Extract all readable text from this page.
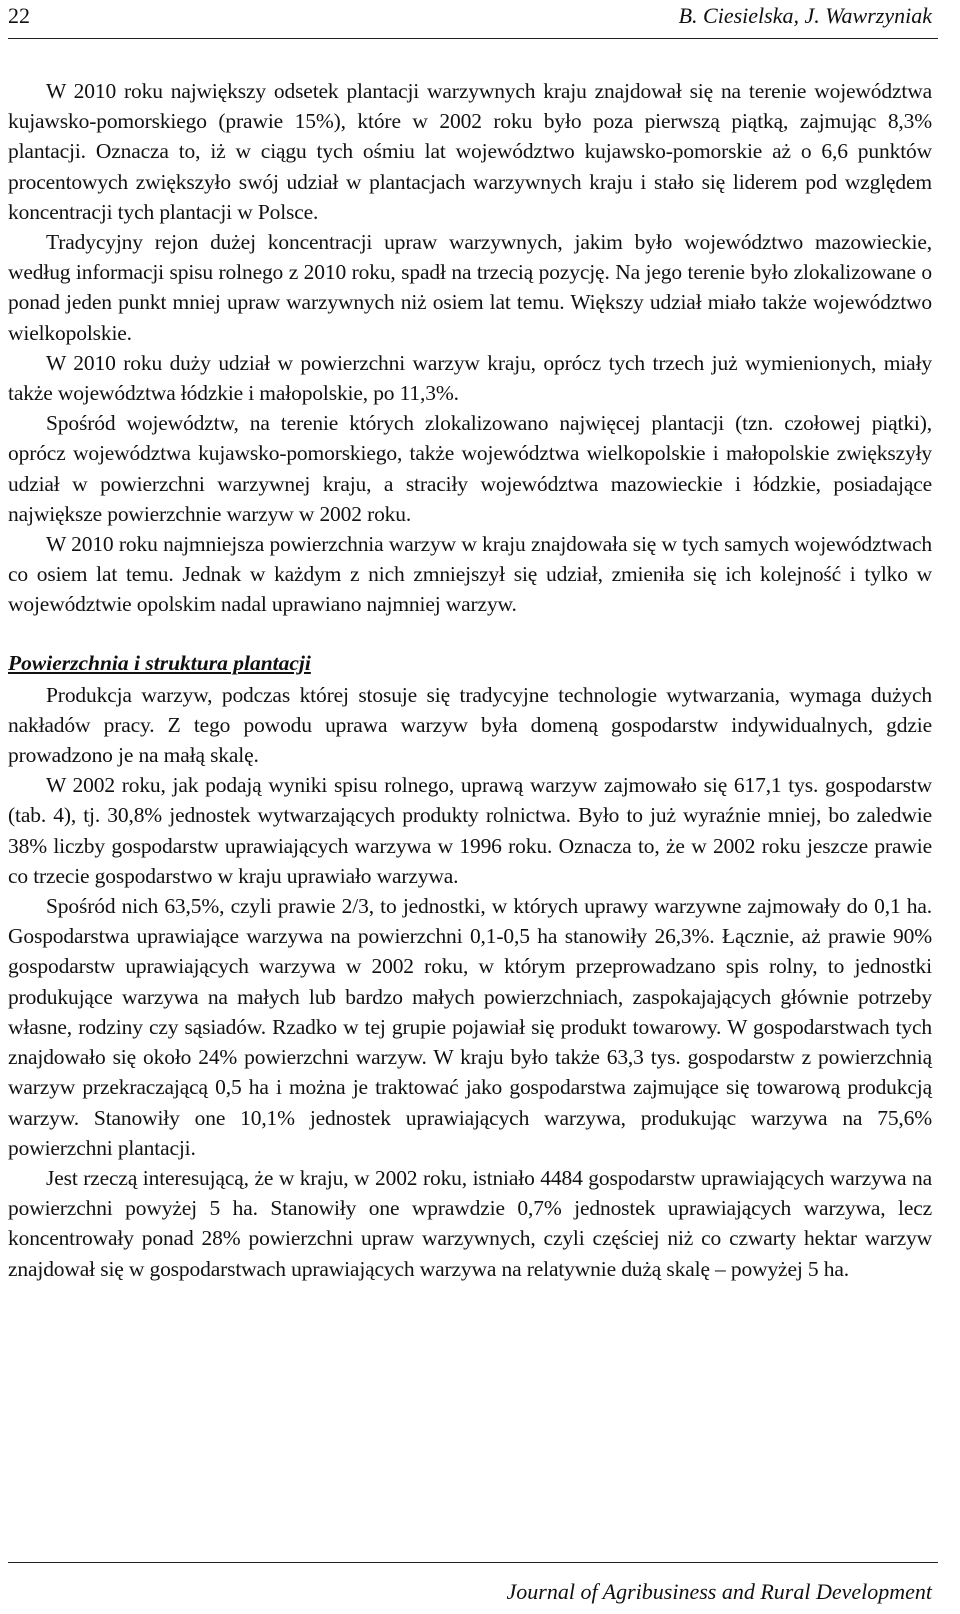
22	B. Ciesielska, J. Wawrzyniak

W 2010 roku największy odsetek plantacji warzywnych kraju znajdował się na terenie województwa kujawsko-pomorskiego (prawie 15%), które w 2002 roku było poza pierwszą piątką, zajmując 8,3% plantacji. Oznacza to, iż w ciągu tych ośmiu lat województwo kujawsko-pomorskie aż o 6,6 punktów procentowych zwiększyło swój udział w plantacjach warzywnych kraju i stało się liderem pod względem koncentracji tych plantacji w Polsce.

Tradycyjny rejon dużej koncentracji upraw warzywnych, jakim było województwo mazowieckie, według informacji spisu rolnego z 2010 roku, spadł na trzecią pozycję. Na jego terenie było zlokalizowane o ponad jeden punkt mniej upraw warzywnych niż osiem lat temu. Większy udział miało także województwo wielkopolskie.

W 2010 roku duży udział w powierzchni warzyw kraju, oprócz tych trzech już wymienionych, miały także województwa łódzkie i małopolskie, po 11,3%.

Spośród województw, na terenie których zlokalizowano najwięcej plantacji (tzn. czołowej piątki), oprócz województwa kujawsko-pomorskiego, także województwa wielkopolskie i małopolskie zwiększyły udział w powierzchni warzywnej kraju, a straciły województwa mazowieckie i łódzkie, posiadające największe powierzchnie warzyw w 2002 roku.

W 2010 roku najmniejsza powierzchnia warzyw w kraju znajdowała się w tych samych województwach co osiem lat temu. Jednak w każdym z nich zmniejszył się udział, zmieniła się ich kolejność i tylko w województwie opolskim nadal uprawiano najmniej warzyw.

Powierzchnia i struktura plantacji

Produkcja warzyw, podczas której stosuje się tradycyjne technologie wytwarzania, wymaga dużych nakładów pracy. Z tego powodu uprawa warzyw była domeną gospodarstw indywidualnych, gdzie prowadzono je na małą skalę.

W 2002 roku, jak podają wyniki spisu rolnego, uprawą warzyw zajmowało się 617,1 tys. gospodarstw (tab. 4), tj. 30,8% jednostek wytwarzających produkty rolnictwa. Było to już wyraźnie mniej, bo zaledwie 38% liczby gospodarstw uprawiających warzywa w 1996 roku. Oznacza to, że w 2002 roku jeszcze prawie co trzecie gospodarstwo w kraju uprawiało warzywa.

Spośród nich 63,5%, czyli prawie 2/3, to jednostki, w których uprawy warzywne zajmowały do 0,1 ha. Gospodarstwa uprawiające warzywa na powierzchni 0,1-0,5 ha stanowiły 26,3%. Łącznie, aż prawie 90% gospodarstw uprawiających warzywa w 2002 roku, w którym przeprowadzano spis rolny, to jednostki produkujące warzywa na małych lub bardzo małych powierzchniach, zaspokajających głównie potrzeby własne, rodziny czy sąsiadów. Rzadko w tej grupie pojawiał się produkt towarowy. W gospodarstwach tych znajdowało się około 24% powierzchni warzyw. W kraju było także 63,3 tys. gospodarstw z powierzchnią warzyw przekraczającą 0,5 ha i można je traktować jako gospodarstwa zajmujące się towarową produkcją warzyw. Stanowiły one 10,1% jednostek uprawiających warzywa, produkując warzywa na 75,6% powierzchni plantacji.

Jest rzeczą interesującą, że w kraju, w 2002 roku, istniało 4484 gospodarstw uprawiających warzywa na powierzchni powyżej 5 ha. Stanowiły one wprawdzie 0,7% jednostek uprawiających warzywa, lecz koncentrowały ponad 28% powierzchni upraw warzywnych, czyli częściej niż co czwarty hektar warzyw znajdował się w gospodarstwach uprawiających warzywa na relatywnie dużą skalę – powyżej 5 ha.

Journal of Agribusiness and Rural Development
